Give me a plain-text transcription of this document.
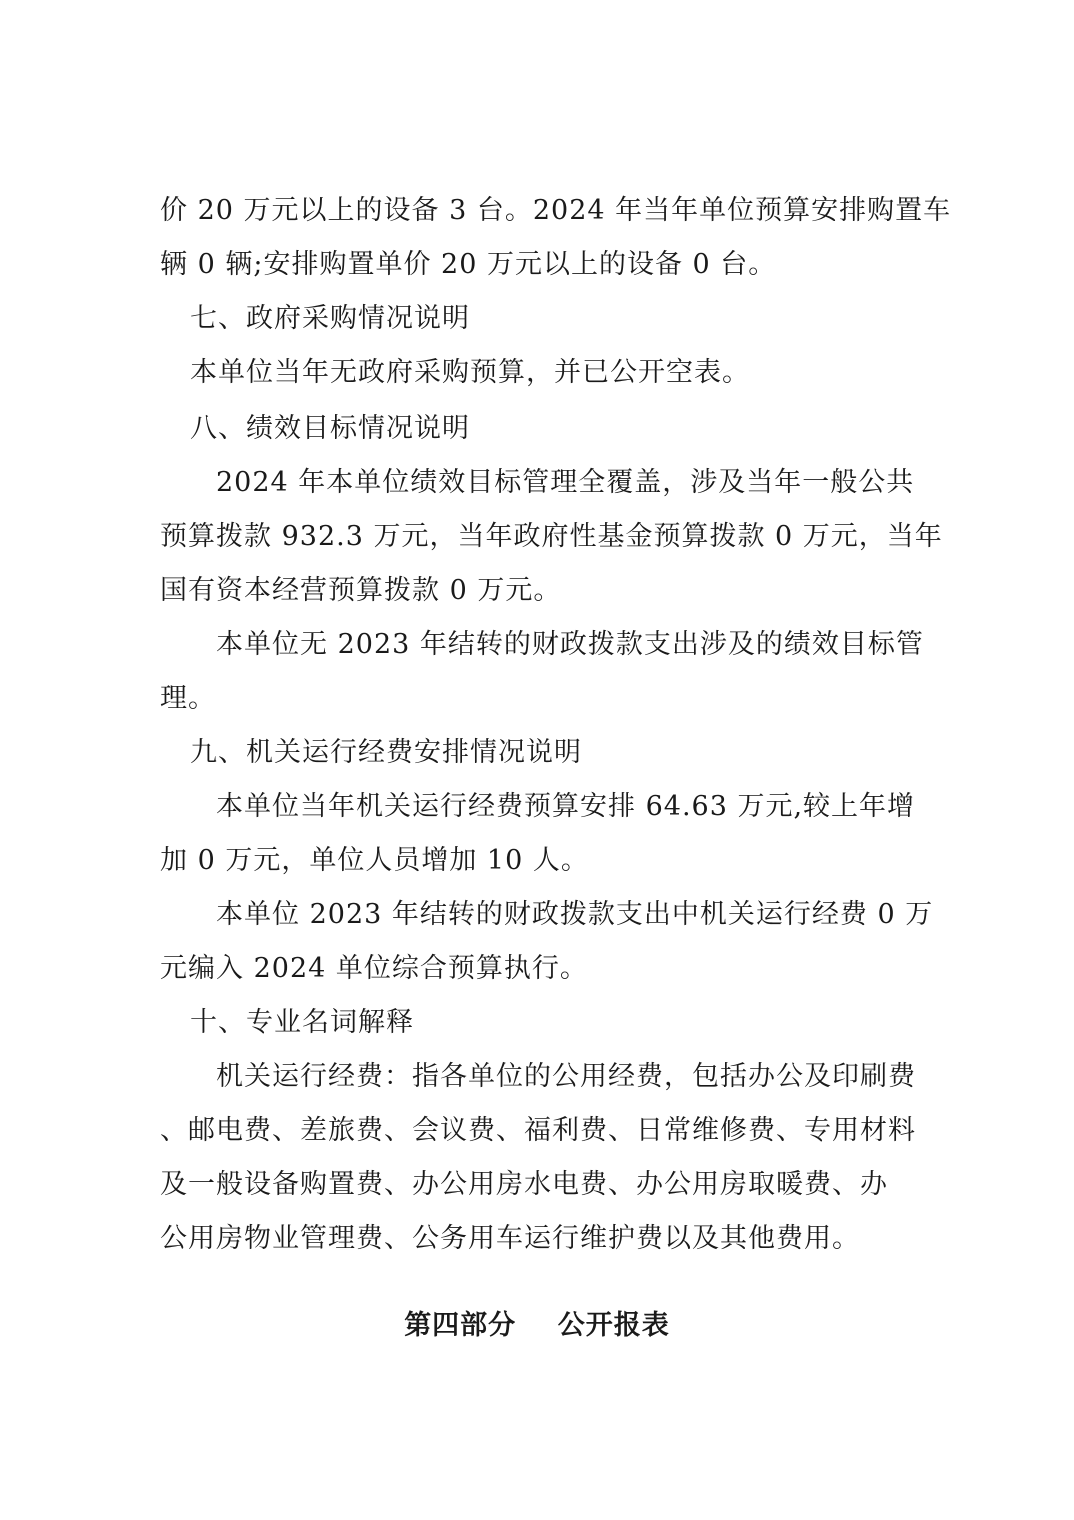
价 20 万元以上的设备 3 台。2024 年当年单位预算安排购置车
辆 0 辆;安排购置单价 20 万元以上的设备 0 台。
七、政府采购情况说明
本单位当年无政府采购预算，并已公开空表。
八、绩效目标情况说明
2024 年本单位绩效目标管理全覆盖，涉及当年一般公共
预算拨款 932.3 万元，当年政府性基金预算拨款 0 万元，当年
国有资本经营预算拨款 0 万元。
本单位无 2023 年结转的财政拨款支出涉及的绩效目标管
理。
九、机关运行经费安排情况说明
本单位当年机关运行经费预算安排 64.63 万元,较上年增
加 0 万元，单位人员增加 10 人。
本单位 2023 年结转的财政拨款支出中机关运行经费 0 万
元编入 2024 单位综合预算执行。
十、专业名词解释
机关运行经费：指各单位的公用经费，包括办公及印刷费
、邮电费、差旅费、会议费、福利费、日常维修费、专用材料
及一般设备购置费、办公用房水电费、办公用房取暖费、办
公用房物业管理费、公务用车运行维护费以及其他费用。
第四部分    公开报表
